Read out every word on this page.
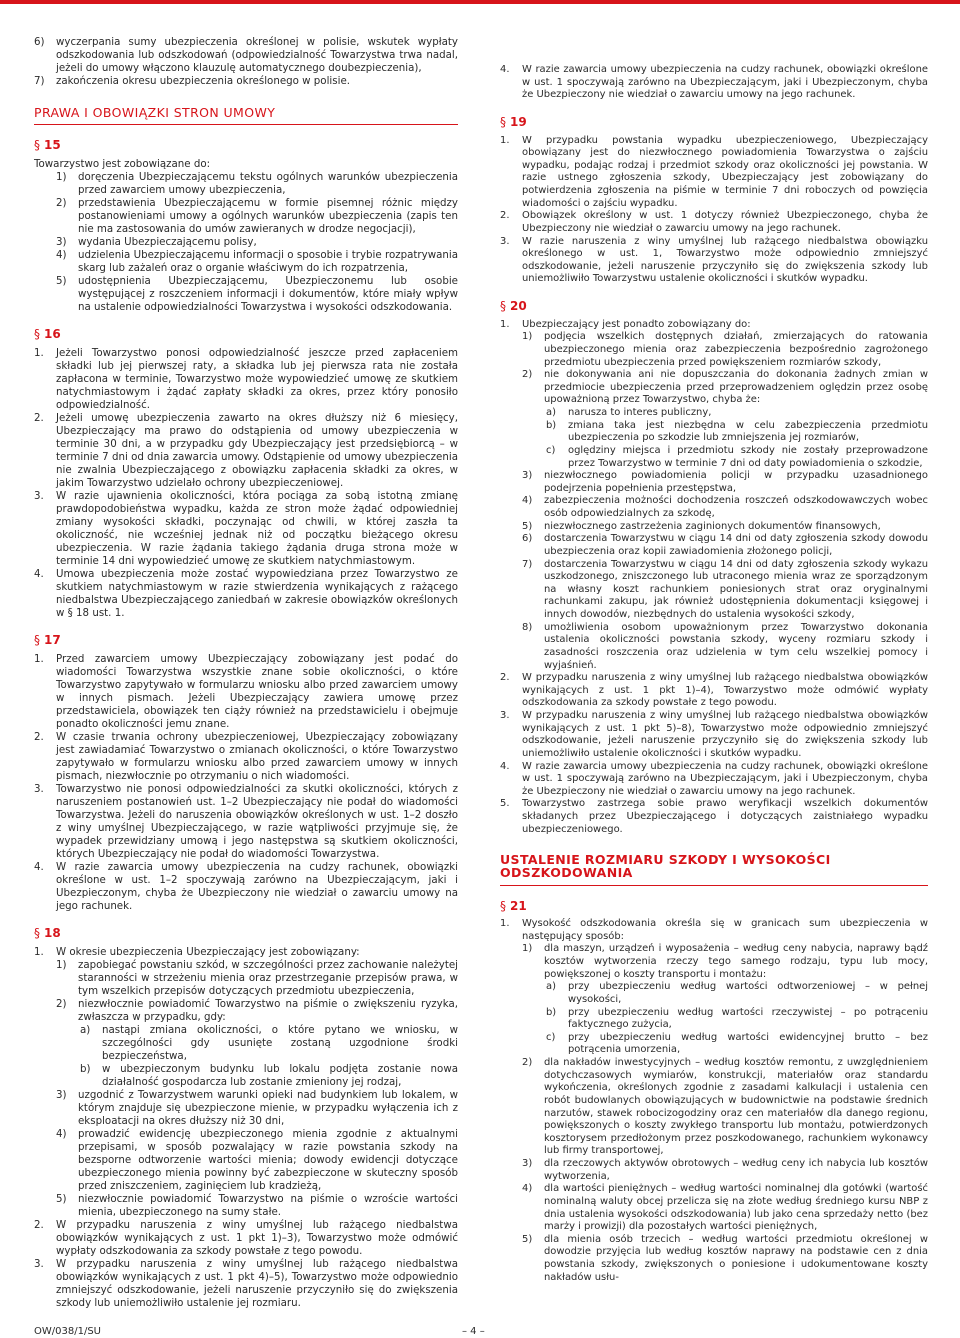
6) wyczerpania sumy ubezpieczenia określonej w polisie, wskutek wypłaty odszkodowania lub odszkodowań (odpowiedzialność Towarzystwa trwa nadal, jeżeli do umowy włączono klauzulę automatycznego doubezpieczenia),

7) zakończenia okresu ubezpieczenia określonego w polisie.

PRAWA I OBOWIĄZKI STRON UMOWY
§ 15

Towarzystwo jest zobowiązane do:

1) doręczenia Ubezpieczającemu tekstu ogólnych warunków ubezpieczenia przed zawarciem umowy ubezpieczenia,

2) przedstawienia Ubezpieczającemu w formie pisemnej różnic między postanowieniami umowy a ogólnych warunków ubezpieczenia (zapis ten nie ma zastosowania do umów zawieranych w drodze negocjacji),

3) wydania Ubezpieczającemu polisy,

4) udzielenia Ubezpieczającemu informacji o sposobie i trybie rozpatrywania skarg lub zażaleń oraz o organie właściwym do ich rozpatrzenia,

5) udostępnienia Ubezpieczającemu, Ubezpieczonemu lub osobie występującej z roszczeniem informacji i dokumentów, które miały wpływ na ustalenie odpowiedzialności Towarzystwa i wysokości odszkodowania.

§ 16

1. Jeżeli Towarzystwo ponosi odpowiedzialność jeszcze przed zapłaceniem składki lub jej pierwszej raty, a składka lub jej pierwsza rata nie została zapłacona w terminie, Towarzystwo może wypowiedzieć umowę ze skutkiem natychmiastowym i żądać zapłaty składki za okres, przez który ponosiło odpowiedzialność.

2. Jeżeli umowę ubezpieczenia zawarto na okres dłuższy niż 6 miesięcy, Ubezpieczający ma prawo do odstąpienia od umowy ubezpieczenia w terminie 30 dni, a w przypadku gdy Ubezpieczający jest przedsiębiorcą – w terminie 7 dni od dnia zawarcia umowy. Odstąpienie od umowy ubezpieczenia nie zwalnia Ubezpieczającego z obowiązku zapłacenia składki za okres, w jakim Towarzystwo udzielało ochrony ubezpieczeniowej.

3. W razie ujawnienia okoliczności, która pociąga za sobą istotną zmianę prawdopodobieństwa wypadku, każda ze stron może żądać odpowiedniej zmiany wysokości składki, poczynając od chwili, w której zaszła ta okoliczność, nie wcześniej jednak niż od początku bieżącego okresu ubezpieczenia. W razie żądania takiego żądania druga strona może w terminie 14 dni wypowiedzieć umowę ze skutkiem natychmiastowym.

4. Umowa ubezpieczenia może zostać wypowiedziana przez Towarzystwo ze skutkiem natychmiastowym w razie stwierdzenia wynikających z rażącego niedbalstwa Ubezpieczającego zaniedbań w zakresie obowiązków określonych w § 18 ust. 1.

§ 17

1. Przed zawarciem umowy Ubezpieczający zobowiązany jest podać do wiadomości Towarzystwa wszystkie znane sobie okoliczności, o które Towarzystwo zapytywało w formularzu wniosku albo przed zawarciem umowy w innych pismach. Jeżeli Ubezpieczający zawiera umowę przez przedstawiciela, obowiązek ten ciąży również na przedstawicielu i obejmuje ponadto okoliczności jemu znane.

2. W czasie trwania ochrony ubezpieczeniowej, Ubezpieczający zobowiązany jest zawiadamiać Towarzystwo o zmianach okoliczności, o które Towarzystwo zapytywało w formularzu wniosku albo przed zawarciem umowy w innych pismach, niezwłocznie po otrzymaniu o nich wiadomości.

3. Towarzystwo nie ponosi odpowiedzialności za skutki okoliczności, których z naruszeniem postanowień ust. 1–2 Ubezpieczający nie podał do wiadomości Towarzystwa. Jeżeli do naruszenia obowiązków określonych w ust. 1–2 doszło z winy umyślnej Ubezpieczającego, w razie wątpliwości przyjmuje się, że wypadek przewidziany umową i jego następstwa są skutkiem okoliczności, których Ubezpieczający nie podał do wiadomości Towarzystwa.

4. W razie zawarcia umowy ubezpieczenia na cudzy rachunek, obowiązki określone w ust. 1–2 spoczywają zarówno na Ubezpieczającym, jaki i Ubezpieczonym, chyba że Ubezpieczony nie wiedział o zawarciu umowy na jego rachunek.

§ 18

1. W okresie ubezpieczenia Ubezpieczający jest zobowiązany:

1) zapobiegać powstaniu szkód, w szczególności przez zachowanie należytej staranności w strzeżeniu mienia oraz przestrzeganie przepisów prawa, w tym wszelkich przepisów dotyczących przedmiotu ubezpieczenia,

2) niezwłocznie powiadomić Towarzystwo na piśmie o zwiększeniu ryzyka, zwłaszcza w przypadku, gdy:

a) nastąpi zmiana okoliczności, o które pytano we wniosku, w szczególności gdy usunięte zostaną uzgodnione środki bezpieczeństwa,

b) w ubezpieczonym budynku lub lokalu podjęta zostanie nowa działalność gospodarcza lub zostanie zmieniony jej rodzaj,

3) uzgodnić z Towarzystwem warunki opieki nad budynkiem lub lokalem, w którym znajduje się ubezpieczone mienie, w przypadku wyłączenia ich z eksploatacji na okres dłuższy niż 30 dni,

4) prowadzić ewidencję ubezpieczonego mienia zgodnie z aktualnymi przepisami, w sposób pozwalający w razie powstania szkody na bezsporne odtworzenie wartości mienia; dowody ewidencji dotyczące ubezpieczonego mienia powinny być zabezpieczone w skuteczny sposób przed zniszczeniem, zaginięciem lub kradzieżą,

5) niezwłocznie powiadomić Towarzystwo na piśmie o wzroście wartości mienia, ubezpieczonego na sumy stałe.

2. W przypadku naruszenia z winy umyślnej lub rażącego niedbalstwa obowiązków wynikających z ust. 1 pkt 1)–3), Towarzystwo może odmówić wypłaty odszkodowania za szkody powstałe z tego powodu.

3. W przypadku naruszenia z winy umyślnej lub rażącego niedbalstwa obowiązków wynikających z ust. 1 pkt 4)–5), Towarzystwo może odpowiednio zmniejszyć odszkodowanie, jeżeli naruszenie przyczyniło się do zwiększenia szkody lub uniemożliwiło ustalenie jej rozmiaru.

4. W razie zawarcia umowy ubezpieczenia na cudzy rachunek, obowiązki określone w ust. 1 spoczywają zarówno na Ubezpieczającym, jaki i Ubezpieczonym, chyba że Ubezpieczony nie wiedział o zawarciu umowy na jego rachunek.

§ 19

1. W przypadku powstania wypadku ubezpieczeniowego, Ubezpieczający obowiązany jest do niezwłocznego powiadomienia Towarzystwa o zajściu wypadku, podając rodzaj i przedmiot szkody oraz okoliczności jej powstania. W razie ustnego zgłoszenia szkody, Ubezpieczający jest zobowiązany do potwierdzenia zgłoszenia na piśmie w terminie 7 dni roboczych od powzięcia wiadomości o zajściu wypadku.

2. Obowiązek określony w ust. 1 dotyczy również Ubezpieczonego, chyba że Ubezpieczony nie wiedział o zawarciu umowy na jego rachunek.

3. W razie naruszenia z winy umyślnej lub rażącego niedbalstwa obowiązku określonego w ust. 1, Towarzystwo może odpowiednio zmniejszyć odszkodowanie, jeżeli naruszenie przyczyniło się do zwiększenia szkody lub uniemożliwiło Towarzystwu ustalenie okoliczności i skutków wypadku.

§ 20

1. Ubezpieczający jest ponadto zobowiązany do:

1) podjęcia wszelkich dostępnych działań, zmierzających do ratowania ubezpieczonego mienia oraz zabezpieczenia bezpośrednio zagrożonego przedmiotu ubezpieczenia przed powiększeniem rozmiarów szkody,

2) nie dokonywania ani nie dopuszczania do dokonania żadnych zmian w przedmiocie ubezpieczenia przed przeprowadzeniem oględzin przez osobę upoważnioną przez Towarzystwo, chyba że:

a) narusza to interes publiczny,

b) zmiana taka jest niezbędna w celu zabezpieczenia przedmiotu ubezpieczenia po szkodzie lub zmniejszenia jej rozmiarów,

c) oględziny miejsca i przedmiotu szkody nie zostały przeprowadzone przez Towarzystwo w terminie 7 dni od daty powiadomienia o szkodzie,

3) niezwłocznego powiadomienia policji w przypadku uzasadnionego podejrzenia popełnienia przestępstwa,

4) zabezpieczenia możności dochodzenia roszczeń odszkodowawczych wobec osób odpowiedzialnych za szkodę,

5) niezwłocznego zastrzeżenia zaginionych dokumentów finansowych,

6) dostarczenia Towarzystwu w ciągu 14 dni od daty zgłoszenia szkody dowodu ubezpieczenia oraz kopii zawiadomienia złożonego policji,

7) dostarczenia Towarzystwu w ciągu 14 dni od daty zgłoszenia szkody wykazu uszkodzonego, zniszczonego lub utraconego mienia wraz ze sporządzonym na własny koszt rachunkiem poniesionych strat oraz oryginalnymi rachunkami zakupu, jak również udostępnienia dokumentacji księgowej i innych dowodów, niezbędnych do ustalenia wysokości szkody,

8) umożliwienia osobom upoważnionym przez Towarzystwo dokonania ustalenia okoliczności powstania szkody, wyceny rozmiaru szkody i zasadności roszczenia oraz udzielenia w tym celu wszelkiej pomocy i wyjaśnień.

2. W przypadku naruszenia z winy umyślnej lub rażącego niedbalstwa obowiązków wynikających z ust. 1 pkt 1)–4), Towarzystwo może odmówić wypłaty odszkodowania za szkody powstałe z tego powodu.

3. W przypadku naruszenia z winy umyślnej lub rażącego niedbalstwa obowiązków wynikających z ust. 1 pkt 5)–8), Towarzystwo może odpowiednio zmniejszyć odszkodowanie, jeżeli naruszenie przyczyniło się do zwiększenia szkody lub uniemożliwiło ustalenie okoliczności i skutków wypadku.

4. W razie zawarcia umowy ubezpieczenia na cudzy rachunek, obowiązki określone w ust. 1 spoczywają zarówno na Ubezpieczającym, jaki i Ubezpieczonym, chyba że Ubezpieczony nie wiedział o zawarciu umowy na jego rachunek.

5. Towarzystwo zastrzega sobie prawo weryfikacji wszelkich dokumentów składanych przez Ubezpieczającego i dotyczących zaistniałego wypadku ubezpieczeniowego.

USTALENIE ROZMIARU SZKODY I WYSOKOŚCI ODSZKODOWANIA
§ 21

1. Wysokość odszkodowania określa się w granicach sum ubezpieczenia w następujący sposób:

1) dla maszyn, urządzeń i wyposażenia – według ceny nabycia, naprawy bądź kosztów wytworzenia rzeczy tego samego rodzaju, typu lub mocy, powiększonej o koszty transportu i montażu:

a) przy ubezpieczeniu według wartości odtworzeniowej – w pełnej wysokości,

b) przy ubezpieczeniu według wartości rzeczywistej – po potrąceniu faktycznego zużycia,

c) przy ubezpieczeniu według wartości ewidencyjnej brutto – bez potrącenia umorzenia,

2) dla nakładów inwestycyjnych – według kosztów remontu, z uwzględnieniem dotychczasowych wymiarów, konstrukcji, materiałów oraz standardu wykończenia, określonych zgodnie z zasadami kalkulacji i ustalenia cen robót budowlanych obowiązujących w budownictwie na podstawie średnich narzutów, stawek robocizogodziny oraz cen materiałów dla danego regionu, powiększonych o koszty zwykłego transportu lub montażu, potwierdzonych kosztorysem przedłożonym przez poszkodowanego, rachunkiem wykonawcy lub firmy transportowej,

3) dla rzeczowych aktywów obrotowych – według ceny ich nabycia lub kosztów wytworzenia,

4) dla wartości pieniężnych – według wartości nominalnej dla gotówki (wartość nominalną waluty obcej przelicza się na złote według średniego kursu NBP z dnia ustalenia wysokości odszkodowania) lub jako cena sprzedaży netto (bez marży i prowizji) dla pozostałych wartości pieniężnych,

5) dla mienia osób trzecich – według wartości przedmiotu określonej w dowodzie przyjęcia lub według kosztów naprawy na podstawie cen z dnia powstania szkody, zwiększonych o poniesione i udokumentowane koszty nakładów usłu-

OW/038/1/SU	– 4 –
